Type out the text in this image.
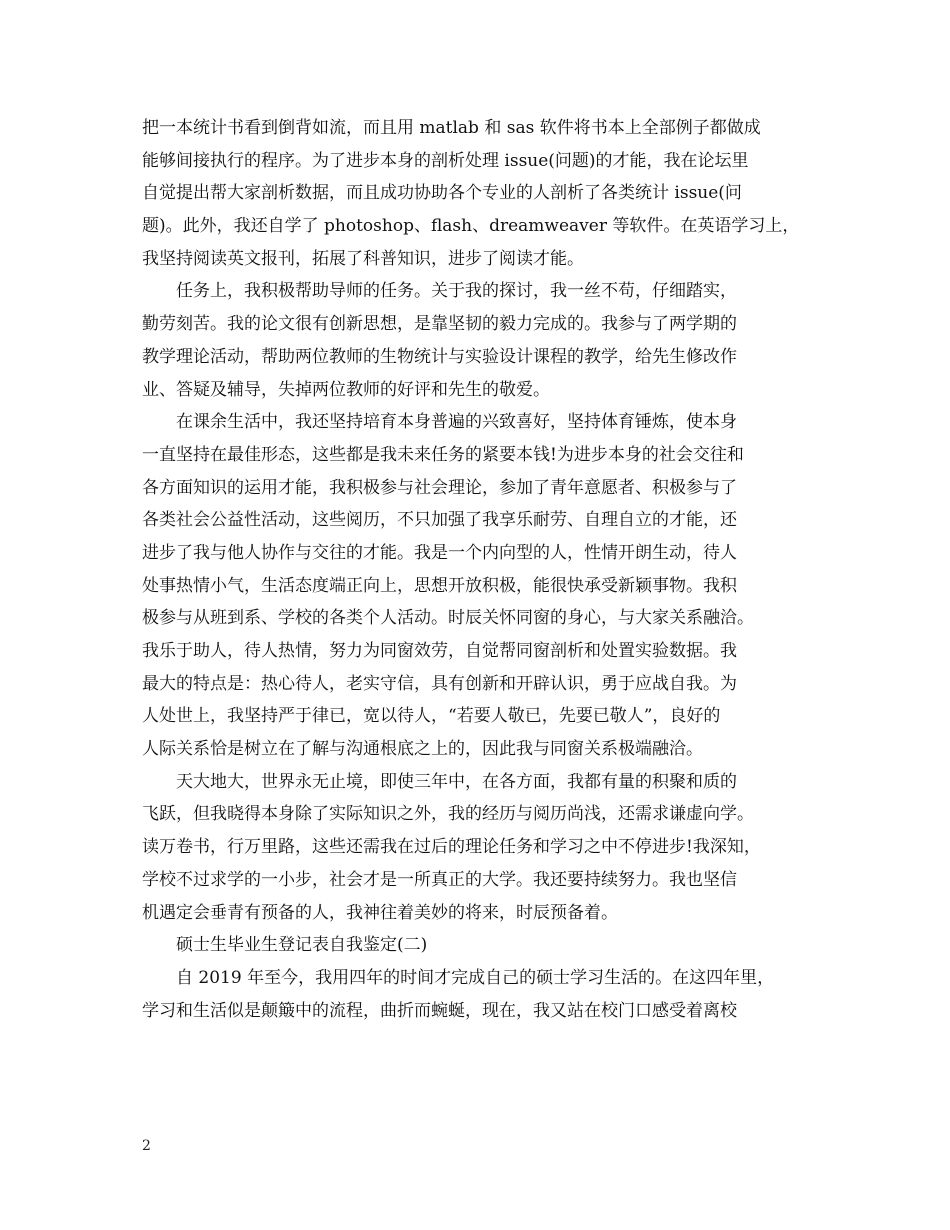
把一本统计书看到倒背如流，而且用 matlab 和 sas 软件将书本上全部例子都做成
能够间接执行的程序。为了进步本身的剖析处理 issue(问题)的才能，我在论坛里
自觉提出帮大家剖析数据，而且成功协助各个专业的人剖析了各类统计 issue(问
题)。此外，我还自学了 photoshop、flash、dreamweaver 等软件。在英语学习上，
我坚持阅读英文报刊，拓展了科普知识，进步了阅读才能。
任务上，我积极帮助导师的任务。关于我的探讨，我一丝不苟，仔细踏实，
勤劳刻苦。我的论文很有创新思想，是靠坚韧的毅力完成的。我参与了两学期的
教学理论活动，帮助两位教师的生物统计与实验设计课程的教学，给先生修改作
业、答疑及辅导，失掉两位教师的好评和先生的敬爱。
在课余生活中，我还坚持培育本身普遍的兴致喜好，坚持体育锤炼，使本身
一直坚持在最佳形态，这些都是我未来任务的紧要本钱!为进步本身的社会交往和
各方面知识的运用才能，我积极参与社会理论，参加了青年意愿者、积极参与了
各类社会公益性活动，这些阅历，不只加强了我享乐耐劳、自理自立的才能，还
进步了我与他人协作与交往的才能。我是一个内向型的人，性情开朗生动，待人
处事热情小气，生活态度端正向上，思想开放积极，能很快承受新颖事物。我积
极参与从班到系、学校的各类个人活动。时辰关怀同窗的身心，与大家关系融洽。
我乐于助人，待人热情，努力为同窗效劳，自觉帮同窗剖析和处置实验数据。我
最大的特点是：热心待人，老实守信，具有创新和开辟认识，勇于应战自我。为
人处世上，我坚持严于律已，宽以待人，“若要人敬已，先要已敬人”，良好的
人际关系恰是树立在了解与沟通根底之上的，因此我与同窗关系极端融洽。
天大地大，世界永无止境，即使三年中，在各方面，我都有量的积聚和质的
飞跃，但我晓得本身除了实际知识之外，我的经历与阅历尚浅，还需求谦虚向学。
读万卷书，行万里路，这些还需我在过后的理论任务和学习之中不停进步!我深知，
学校不过求学的一小步，社会才是一所真正的大学。我还要持续努力。我也坚信
机遇定会垂青有预备的人，我神往着美妙的将来，时辰预备着。
硕士生毕业生登记表自我鉴定(二)
自 2019 年至今，我用四年的时间才完成自己的硕士学习生活的。在这四年里，
学习和生活似是颠簸中的流程，曲折而蜿蜒，现在，我又站在校门口感受着离校
2
